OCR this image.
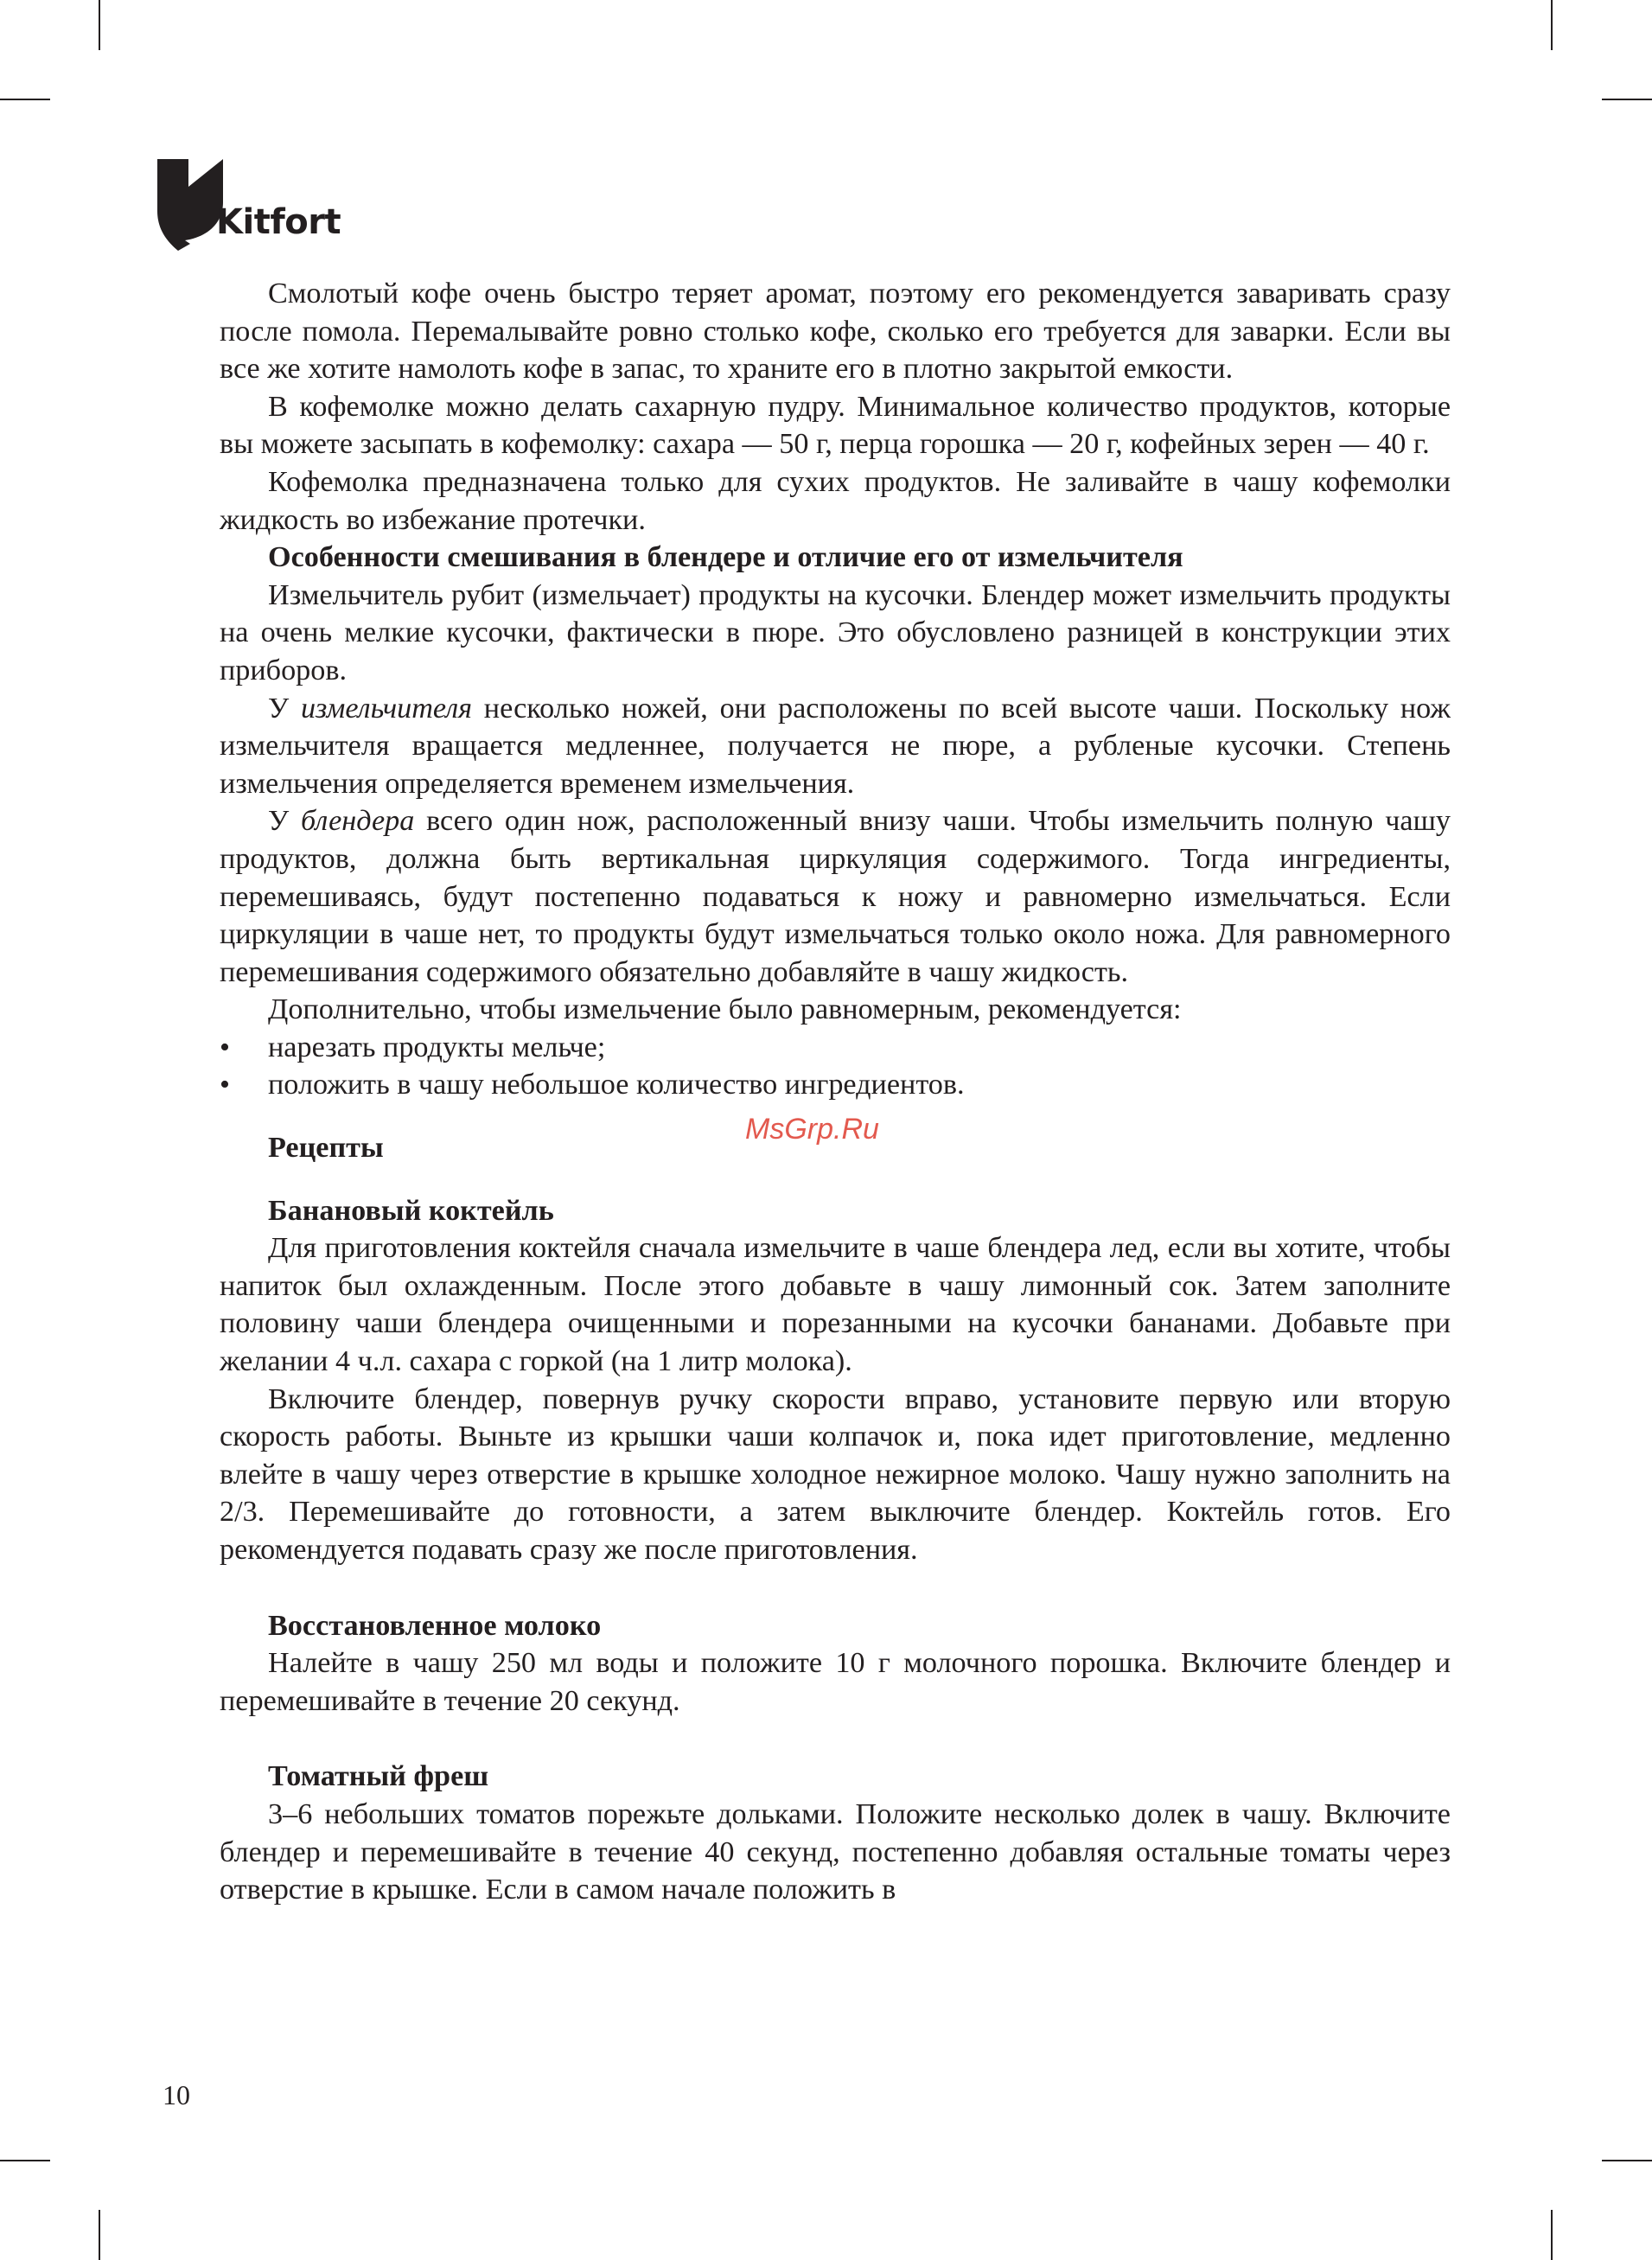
Kitfort

Смолотый кофе очень быстро теряет аромат, поэтому его рекомендуется заваривать сразу после помола. Перемалывайте ровно столько кофе, сколько его требуется для заварки. Если вы все же хотите намолоть кофе в запас, то храните его в плотно закрытой емкости.

В кофемолке можно делать сахарную пудру. Минимальное количество продуктов, которые вы можете засыпать в кофемолку: сахара — 50 г, перца горошка — 20 г, кофейных зерен — 40 г.

Кофемолка предназначена только для сухих продуктов. Не заливайте в чашу кофемолки жидкость во избежание протечки.

Особенности смешивания в блендере и отличие его от измельчителя

Измельчитель рубит (измельчает) продукты на кусочки. Блендер может измельчить продукты на очень мелкие кусочки, фактически в пюре. Это обусловлено разницей в конструкции этих приборов.

У измельчителя несколько ножей, они расположены по всей высоте чаши. Поскольку нож измельчителя вращается медленнее, получается не пюре, а рубленые кусочки. Степень измельчения определяется временем измельчения.

У блендера всего один нож, расположенный внизу чаши. Чтобы измельчить полную чашу продуктов, должна быть вертикальная циркуляция содержимого. Тогда ингредиенты, перемешиваясь, будут постепенно подаваться к ножу и равномерно измельчаться. Если циркуляции в чаше нет, то продукты будут измельчаться только около ножа. Для равномерного перемешивания содержимого обязательно добавляйте в чашу жидкость.

Дополнительно, чтобы измельчение было равномерным, рекомендуется:

• нарезать продукты мельче;
• положить в чашу небольшое количество ингредиентов.
Рецепты
Банановый коктейль

Для приготовления коктейля сначала измельчите в чаше блендера лед, если вы хотите, чтобы напиток был охлажденным. После этого добавьте в чашу лимонный сок. Затем заполните половину чаши блендера очищенными и порезанными на кусочки бананами. Добавьте при желании 4 ч.л. сахара с горкой (на 1 литр молока).

Включите блендер, повернув ручку скорости вправо, установите первую или вторую скорость работы. Выньте из крышки чаши колпачок и, пока идет приготовление, медленно влейте в чашу через отверстие в крышке холодное нежирное молоко. Чашу нужно заполнить на 2/3. Перемешивайте до готовности, а затем выключите блендер. Коктейль готов. Его рекомендуется подавать сразу же после приготовления.

Восстановленное молоко

Налейте в чашу 250 мл воды и положите 10 г молочного порошка. Включите блендер и перемешивайте в течение 20 секунд.

Томатный фреш

3–6 небольших томатов порежьте дольками. Положите несколько долек в чашу. Включите блендер и перемешивайте в течение 40 секунд, постепенно добавляя остальные томаты через отверстие в крышке. Если в самом начале положить в

MsGrp.Ru
10
